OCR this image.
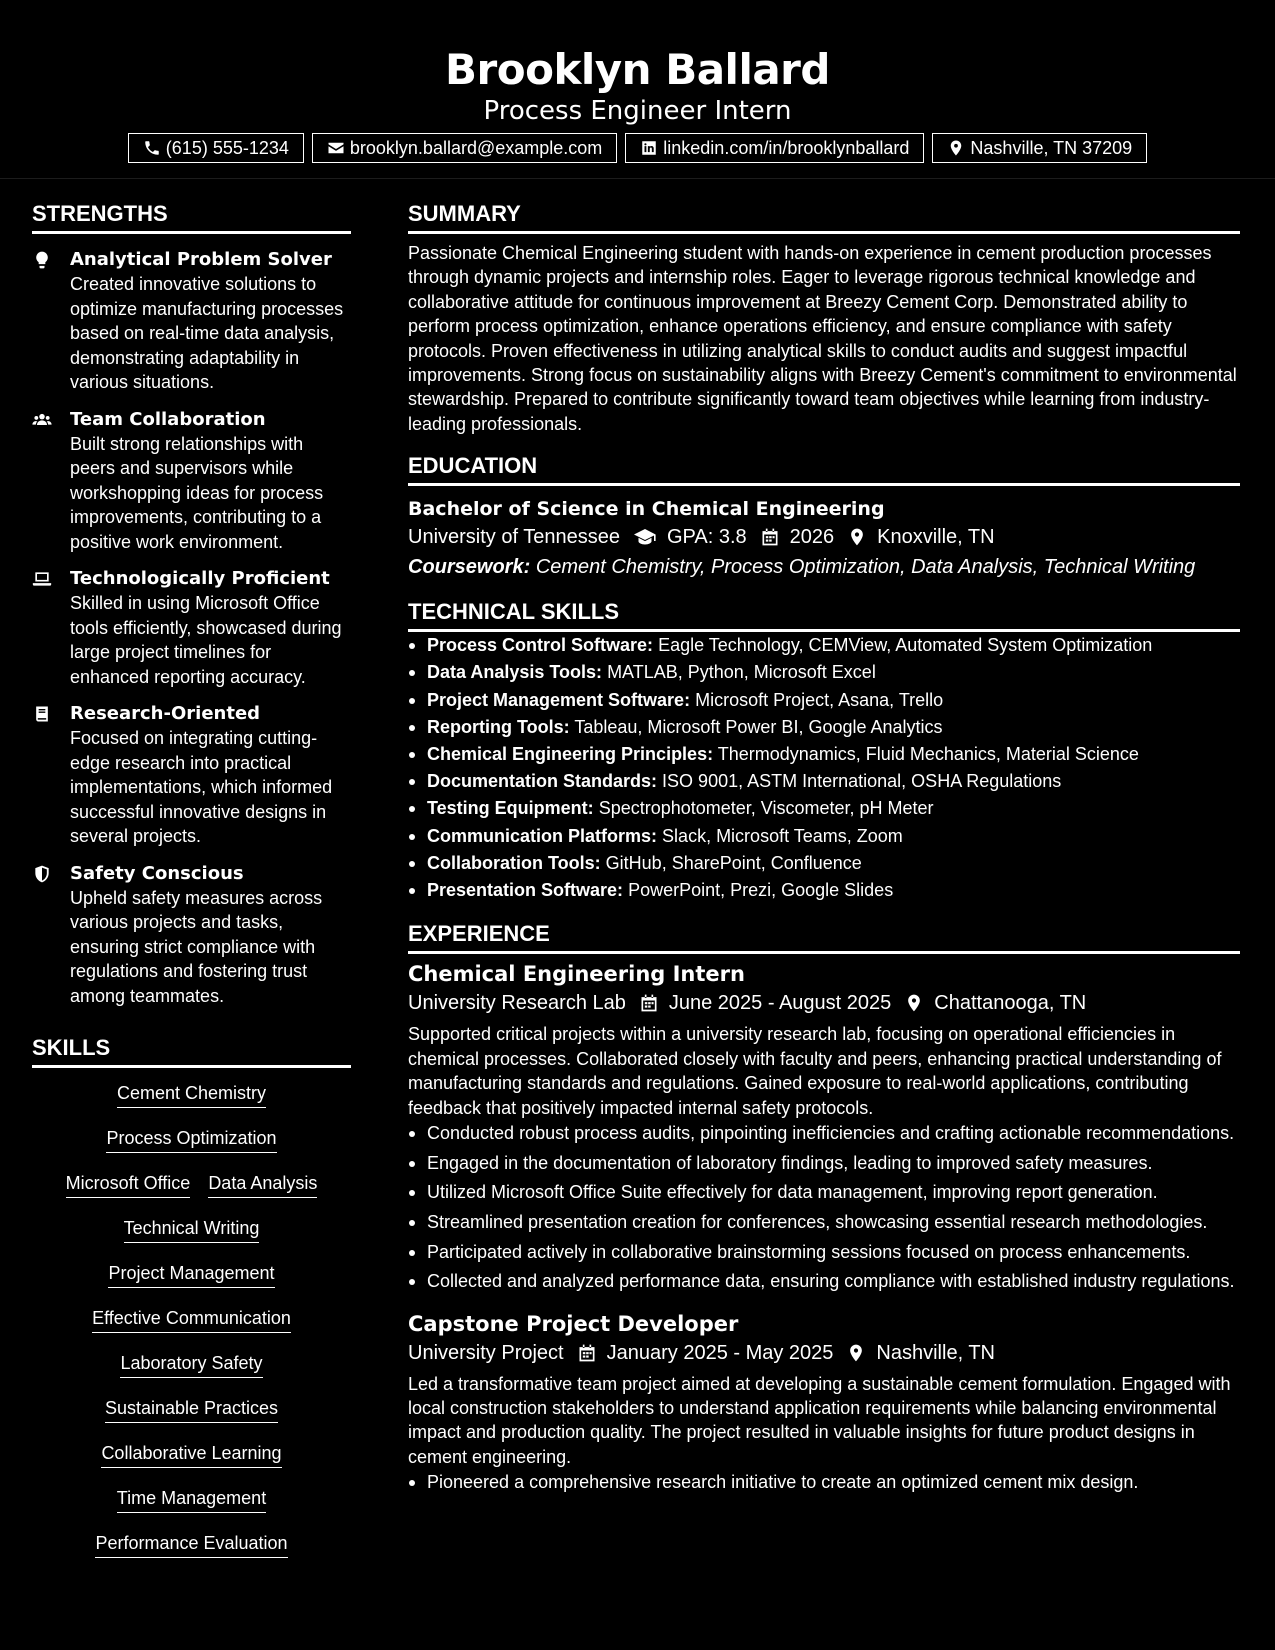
Brooklyn Ballard
Process Engineer Intern
(615) 555-1234	brooklyn.ballard@example.com	linkedin.com/in/brooklynballard	Nashville, TN 37209
STRENGTHS
Analytical Problem Solver
Created innovative solutions to optimize manufacturing processes based on real-time data analysis, demonstrating adaptability in various situations.
Team Collaboration
Built strong relationships with peers and supervisors while workshopping ideas for process improvements, contributing to a positive work environment.
Technologically Proficient
Skilled in using Microsoft Office tools efficiently, showcased during large project timelines for enhanced reporting accuracy.
Research-Oriented
Focused on integrating cutting-edge research into practical implementations, which informed successful innovative designs in several projects.
Safety Conscious
Upheld safety measures across various projects and tasks, ensuring strict compliance with regulations and fostering trust among teammates.
SKILLS
Cement Chemistry
Process Optimization
Microsoft Office Data Analysis
Technical Writing
Project Management
Effective Communication
Laboratory Safety
Sustainable Practices
Collaborative Learning
Time Management
Performance Evaluation
SUMMARY
Passionate Chemical Engineering student with hands-on experience in cement production processes through dynamic projects and internship roles. Eager to leverage rigorous technical knowledge and collaborative attitude for continuous improvement at Breezy Cement Corp. Demonstrated ability to perform process optimization, enhance operations efficiency, and ensure compliance with safety protocols. Proven effectiveness in utilizing analytical skills to conduct audits and suggest impactful improvements. Strong focus on sustainability aligns with Breezy Cement's commitment to environmental stewardship. Prepared to contribute significantly toward team objectives while learning from industry-leading professionals.
EDUCATION
Bachelor of Science in Chemical Engineering
University of Tennessee GPA: 3.8 2026 Knoxville, TN
Coursework: Cement Chemistry, Process Optimization, Data Analysis, Technical Writing
TECHNICAL SKILLS
Process Control Software: Eagle Technology, CEMView, Automated System Optimization
Data Analysis Tools: MATLAB, Python, Microsoft Excel
Project Management Software: Microsoft Project, Asana, Trello
Reporting Tools: Tableau, Microsoft Power BI, Google Analytics
Chemical Engineering Principles: Thermodynamics, Fluid Mechanics, Material Science
Documentation Standards: ISO 9001, ASTM International, OSHA Regulations
Testing Equipment: Spectrophotometer, Viscometer, pH Meter
Communication Platforms: Slack, Microsoft Teams, Zoom
Collaboration Tools: GitHub, SharePoint, Confluence
Presentation Software: PowerPoint, Prezi, Google Slides
EXPERIENCE
Chemical Engineering Intern
University Research Lab June 2025 - August 2025 Chattanooga, TN
Supported critical projects within a university research lab, focusing on operational efficiencies in chemical processes. Collaborated closely with faculty and peers, enhancing practical understanding of manufacturing standards and regulations. Gained exposure to real-world applications, contributing feedback that positively impacted internal safety protocols.
Conducted robust process audits, pinpointing inefficiencies and crafting actionable recommendations.
Engaged in the documentation of laboratory findings, leading to improved safety measures.
Utilized Microsoft Office Suite effectively for data management, improving report generation.
Streamlined presentation creation for conferences, showcasing essential research methodologies.
Participated actively in collaborative brainstorming sessions focused on process enhancements.
Collected and analyzed performance data, ensuring compliance with established industry regulations.
Capstone Project Developer
University Project January 2025 - May 2025 Nashville, TN
Led a transformative team project aimed at developing a sustainable cement formulation. Engaged with local construction stakeholders to understand application requirements while balancing environmental impact and production quality. The project resulted in valuable insights for future product designs in cement engineering.
Pioneered a comprehensive research initiative to create an optimized cement mix design.
